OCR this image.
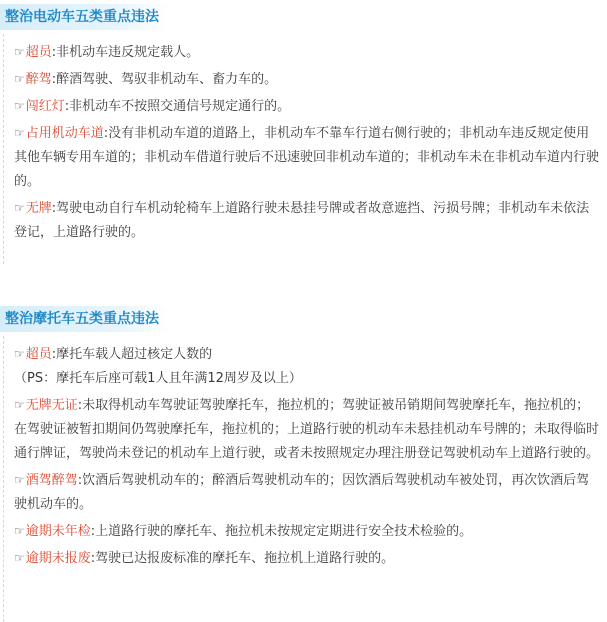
整治电动车五类重点违法
☞超员:非机动车违反规定载人。
☞醉驾:醉酒驾驶、驾驭非机动车、畜力车的。
☞闯红灯:非机动车不按照交通信号规定通行的。
☞占用机动车道:没有非机动车道的道路上，非机动车不靠车行道右侧行驶的；非机动车违反规定使用其他车辆专用车道的；非机动车借道行驶后不迅速驶回非机动车道的；非机动车未在非机动车道内行驶的。
☞无牌:驾驶电动自行车机动轮椅车上道路行驶未悬挂号牌或者故意遮挡、污损号牌；非机动车未依法登记，上道路行驶的。
整治摩托车五类重点违法
☞超员:摩托车载人超过核定人数的
（PS：摩托车后座可载1人且年满12周岁及以上）
☞无牌无证:未取得机动车驾驶证驾驶摩托车，拖拉机的；驾驶证被吊销期间驾驶摩托车，拖拉机的；在驾驶证被暂扣期间仍驾驶摩托车，拖拉机的；上道路行驶的机动车未悬挂机动车号牌的；未取得临时通行牌证，驾驶尚未登记的机动车上道行驶，或者未按照规定办理注册登记驾驶机动车上道路行驶的。
☞酒驾醉驾:饮酒后驾驶机动车的；醉酒后驾驶机动车的；因饮酒后驾驶机动车被处罚，再次饮酒后驾驶机动车的。
☞逾期未年检:上道路行驶的摩托车、拖拉机未按规定定期进行安全技术检验的。
☞逾期未报废:驾驶已达报废标准的摩托车、拖拉机上道路行驶的。
